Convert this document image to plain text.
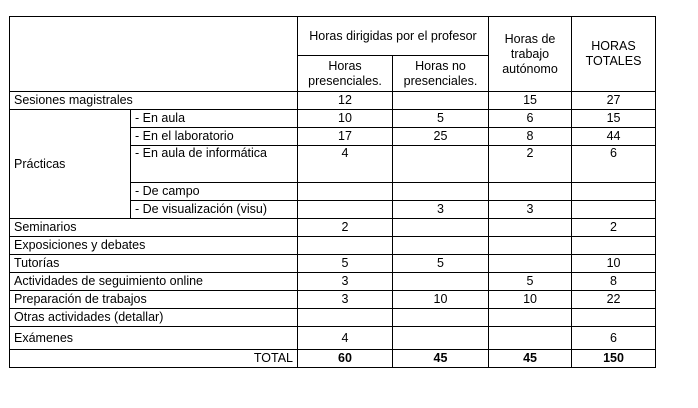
		Horas dirigidas por el profesor		Horas de trabajo autónomo	HORAS TOTALES
		Horas presenciales.	Horas no presenciales.		
Sesiones magistrales		12		15	27
Prácticas	- En aula	10	5	6	15
	- En el laboratorio	17	25	8	44
	- En aula de informática	4		2	6
	- De campo				
	- De visualización (visu)		3	3	
Seminarios		2			2
Exposiciones y debates					
Tutorías		5	5		10
Actividades de seguimiento online		3		5	8
Preparación de trabajos		3	10	10	22
Otras actividades (detallar)					
Exámenes		4			6
TOTAL		60	45	45	150
